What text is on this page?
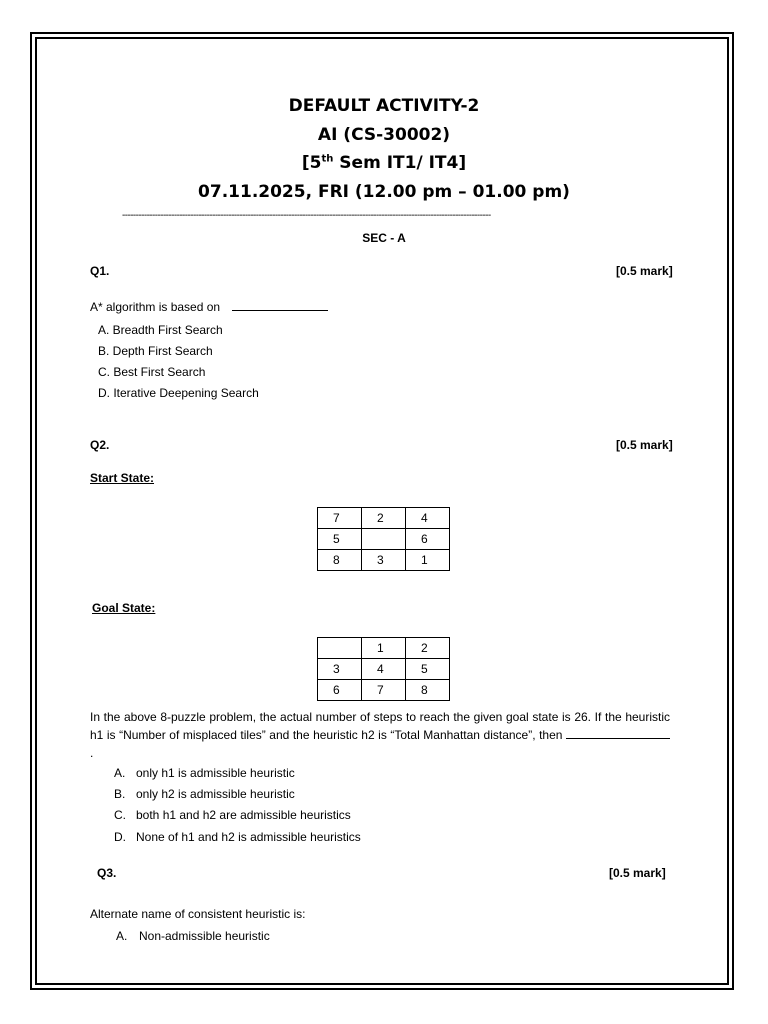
DEFAULT ACTIVITY-2
AI (CS-30002)
[5th Sem IT1/ IT4]
07.11.2025, FRI (12.00 pm – 01.00 pm)
---------------------------------------------------------------------------------------------------------------------------------------
SEC - A
Q1.	[0.5 mark]
A* algorithm is based on
A. Breadth First Search
B. Depth First Search
C. Best First Search
D. Iterative Deepening Search
Q2.	[0.5 mark]
Start State:
7	2	4
5		6
8	3	1
Goal State:
	1	2
3	4	5
6	7	8
In the above 8-puzzle problem, the actual number of steps to reach the given goal state is 26. If the heuristic h1 is “Number of misplaced tiles” and the heuristic h2 is “Total Manhattan distance”, then .
A. only h1 is admissible heuristic
B. only h2 is admissible heuristic
C. both h1 and h2 are admissible heuristics
D. None of h1 and h2 is admissible heuristics
Q3.	[0.5 mark]
Alternate name of consistent heuristic is:
A. Non-admissible heuristic
